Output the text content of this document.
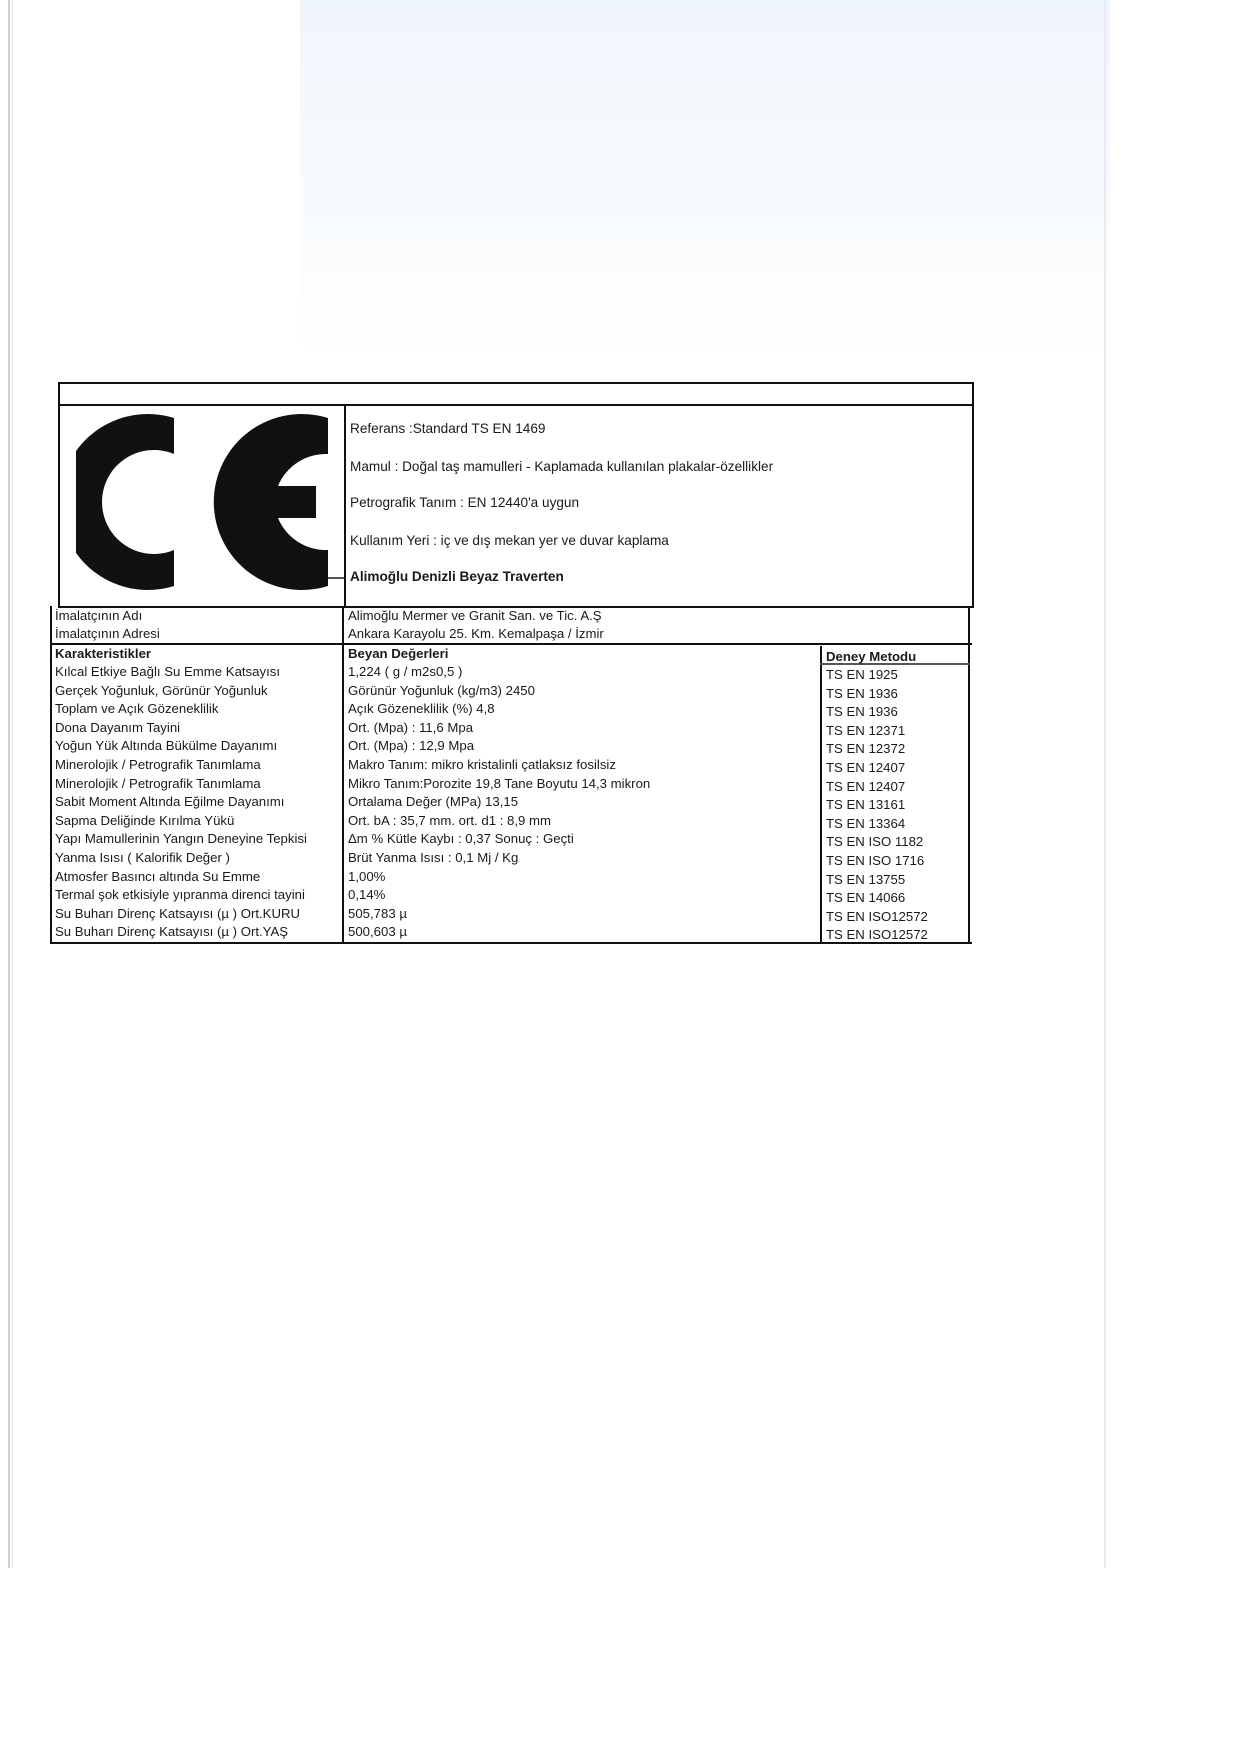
Referans :Standard TS EN 1469
Mamul : Doğal taş mamulleri - Kaplamada kullanılan plakalar-özellikler
Petrografik Tanım : EN 12440'a uygun
Kullanım Yeri : iç ve dış mekan yer ve duvar kaplama
Alimoğlu Denizli Beyaz Traverten
İmalatçının Adı	Alimoğlu Mermer ve Granit San. ve Tic. A.Ş
İmalatçının Adresi	Ankara Karayolu 25. Km. Kemalpaşa / İzmir
Karakteristikler	Beyan Değerleri	Deney Metodu
Kılcal Etkiye Bağlı Su Emme Katsayısı	1,224 ( g / m2s0,5 )	TS EN 1925
Gerçek Yoğunluk, Görünür Yoğunluk	Görünür Yoğunluk (kg/m3) 2450	TS EN 1936
Toplam ve Açık Gözeneklilik	Açık Gözeneklilik (%) 4,8	TS EN 1936
Dona Dayanım Tayini	Ort. (Mpa) : 11,6 Mpa	TS EN 12371
Yoğun Yük Altında Bükülme Dayanımı	Ort. (Mpa) : 12,9 Mpa	TS EN 12372
Minerolojik / Petrografik Tanımlama	Makro Tanım: mikro kristalinli çatlaksız fosilsiz	TS EN 12407
Minerolojik / Petrografik Tanımlama	Mikro Tanım:Porozite 19,8 Tane Boyutu 14,3 mikron	TS EN 12407
Sabit Moment Altında Eğilme Dayanımı	Ortalama Değer (MPa) 13,15	TS EN 13161
Sapma Deliğinde Kırılma Yükü	Ort. bA : 35,7 mm. ort. d1 : 8,9 mm	TS EN 13364
Yapı Mamullerinin Yangın Deneyine Tepkisi	Δm % Kütle Kaybı : 0,37 Sonuç : Geçti	TS EN ISO 1182
Yanma Isısı ( Kalorifik Değer )	Brüt Yanma Isısı : 0,1 Mj / Kg	TS EN ISO 1716
Atmosfer Basıncı altında Su Emme	1,00%	TS EN 13755
Termal şok etkisiyle yıpranma direnci tayini	0,14%	TS EN 14066
Su Buharı Direnç Katsayısı (µ ) Ort.KURU	505,783 µ	TS EN ISO12572
Su Buharı Direnç Katsayısı (µ ) Ort.YAŞ	500,603 µ	TS EN ISO12572
